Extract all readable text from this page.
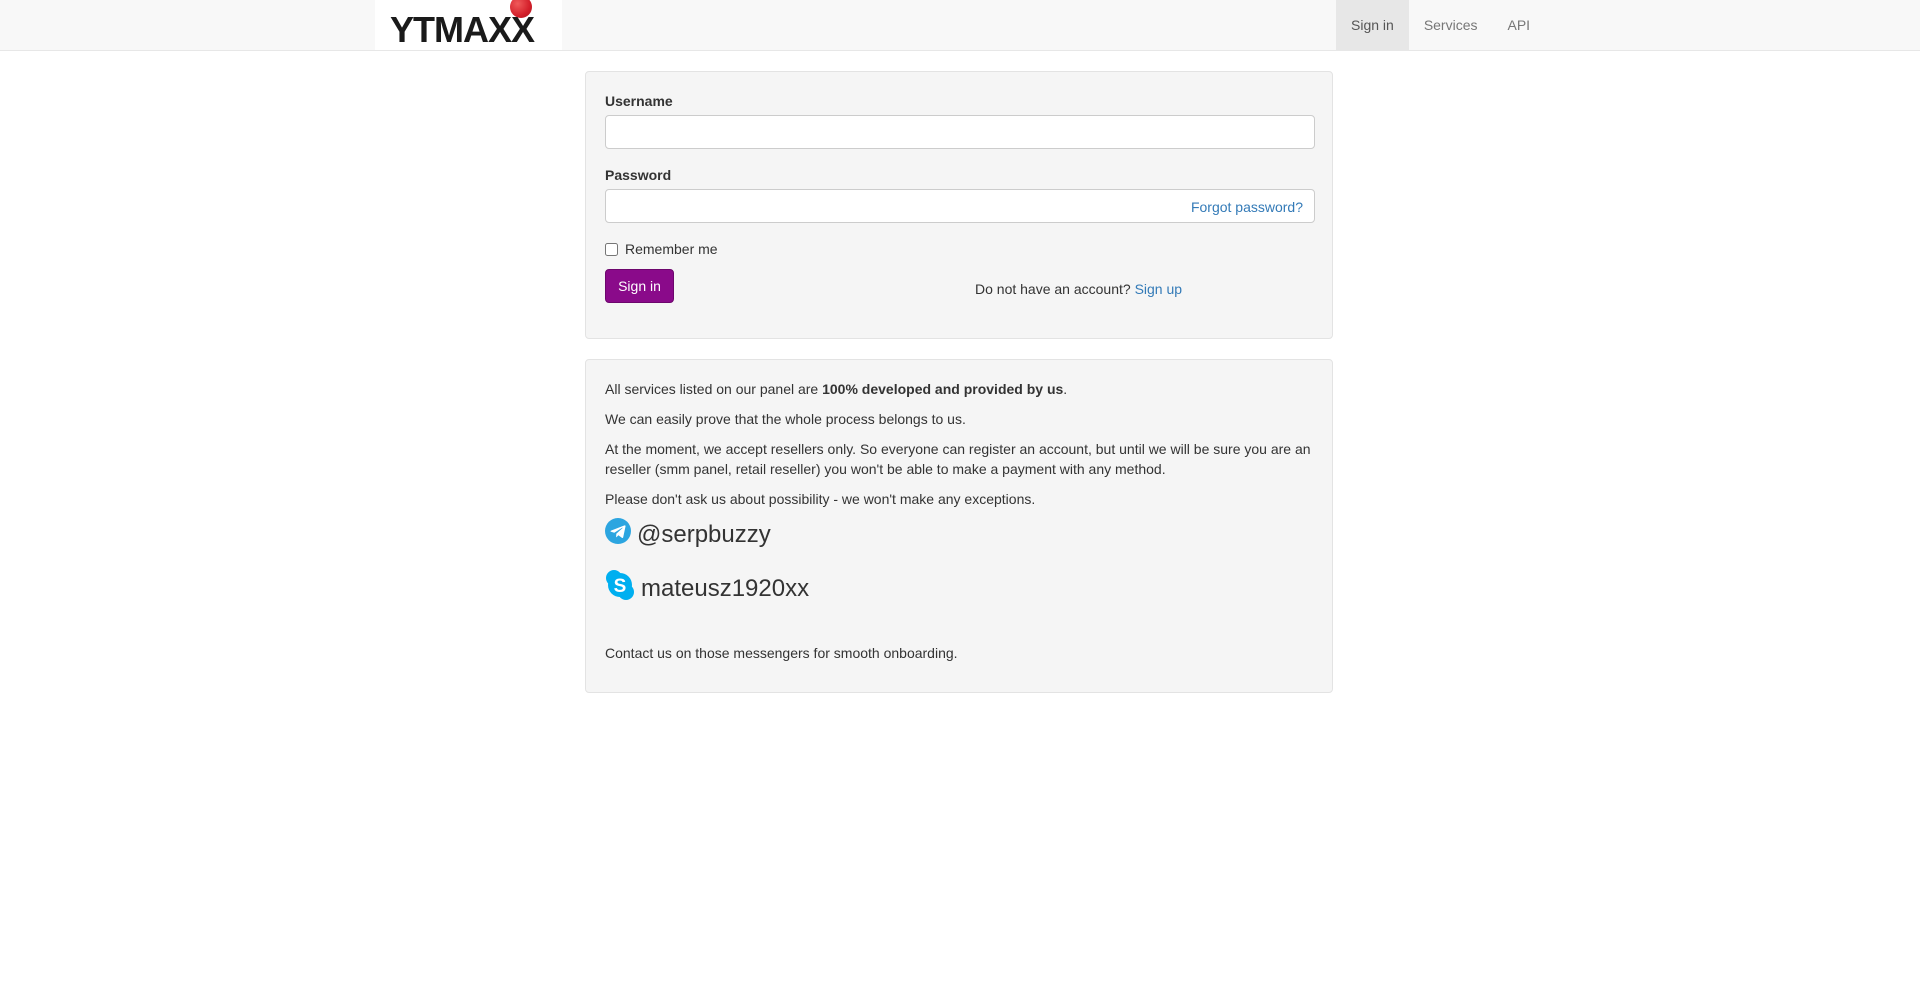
YTMAXX	Sign in	Services	API
Username
Password
Forgot password?
Remember me
Sign in	Do not have an account? Sign up

All services listed on our panel are 100% developed and provided by us.

We can easily prove that the whole process belongs to us.

At the moment, we accept resellers only. So everyone can register an account, but until we will be sure you are an reseller (smm panel, retail reseller) you won't be able to make a payment with any method.

Please don't ask us about possibility - we won't make any exceptions.

@serpbuzzy
S mateusz1920xx

Contact us on those messengers for smooth onboarding.
